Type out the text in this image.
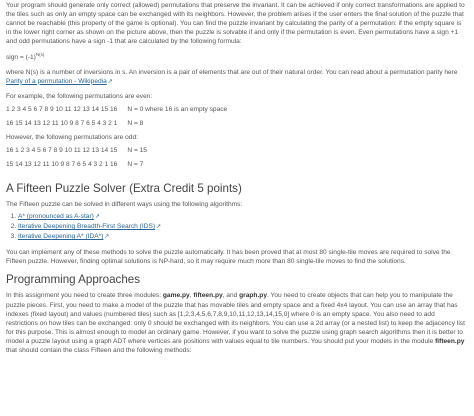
Your program should generate only correct (allowed) permutations that preserve the invariant. It can be achieved if only correct transformations are applied to the tiles such as only an empty space can be exchanged with its neighbors. However, the problem arises if the user enters the final solution of the puzzle that cannot be reachable (this property of the game is optional). You can find the puzzle invariant by calculating the parity of a permutation: if the empty square is in the lower right corner as shown on the picture above, then the puzzle is solvable if and only if the permutation is even. Even permutations have a sign +1 and odd permutations have a sign -1 that are calculated by the following formula:

sign = $(-1)^{N(s)}$

where N(s) is a number of inversions in s. An inversion is a pair of elements that are out of their natural order. You can read about a permutation parity here Parity of a permutation - Wikipedia↗

For example, the following permutations are even:

1 2 3 4 5 6 7 8 9 10 11 12 13 14 15 16 N = 0 where 16 is an empty space

16 15 14 13 12 11 10 9 8 7 6 5 4 3 2 1 N = 8

However, the following permutations are odd:

16 1 2 3 4 5 6 7 8 9 10 11 12 13 14 15 N = 15

15 14 13 12 11 10 9 8 7 6 5 4 3 2 1 16 N = 7

A Fifteen Puzzle Solver (Extra Credit 5 points)

The Fifteen puzzle can be solved in different ways using the following algorithms:

1. A* (pronounced as A-star)↗
2. Iterative Deepening Breadth-First Search (IDS)↗
3. Iterative Deepening A* (IDA*)↗

You can implement any of these methods to solve the puzzle automatically. It has been proved that at most 80 single-tile moves are required to solve the Fifteen puzzle. However, finding optimal solutions is NP-hard, so it may require much more than 80 single-tile moves to find the solutions.

Programming Approaches

In this assignment you need to create three modules: game.py, fifteen.py, and graph.py. You need to create objects that can help you to manipulate the puzzle pieces. First, you need to make a model of the puzzle that has movable tiles and empty space and a fixed 4x4 layout. You can use an array that has indexes (fixed layout) and values (numbered tiles) such as [1,2,3,4,5,6,7,8,9,10,11,12,13,14,15,0] where 0 is an empty space. You also need to add restrictions on how tiles can be exchanged: only 0 should be exchanged with its neighbors. You can use a 2d array (or a nested list) to keep the adjacency list for this purpose. This is almost enough to model an ordinary game. However, if you want to solve the puzzle using graph search algorithms then it is better to model a puzzle layout using a graph ADT where vertices are positions with values equal to tile numbers. You should put your models in the module fifteen.py that should contain the class Fifteen and the following methods:
